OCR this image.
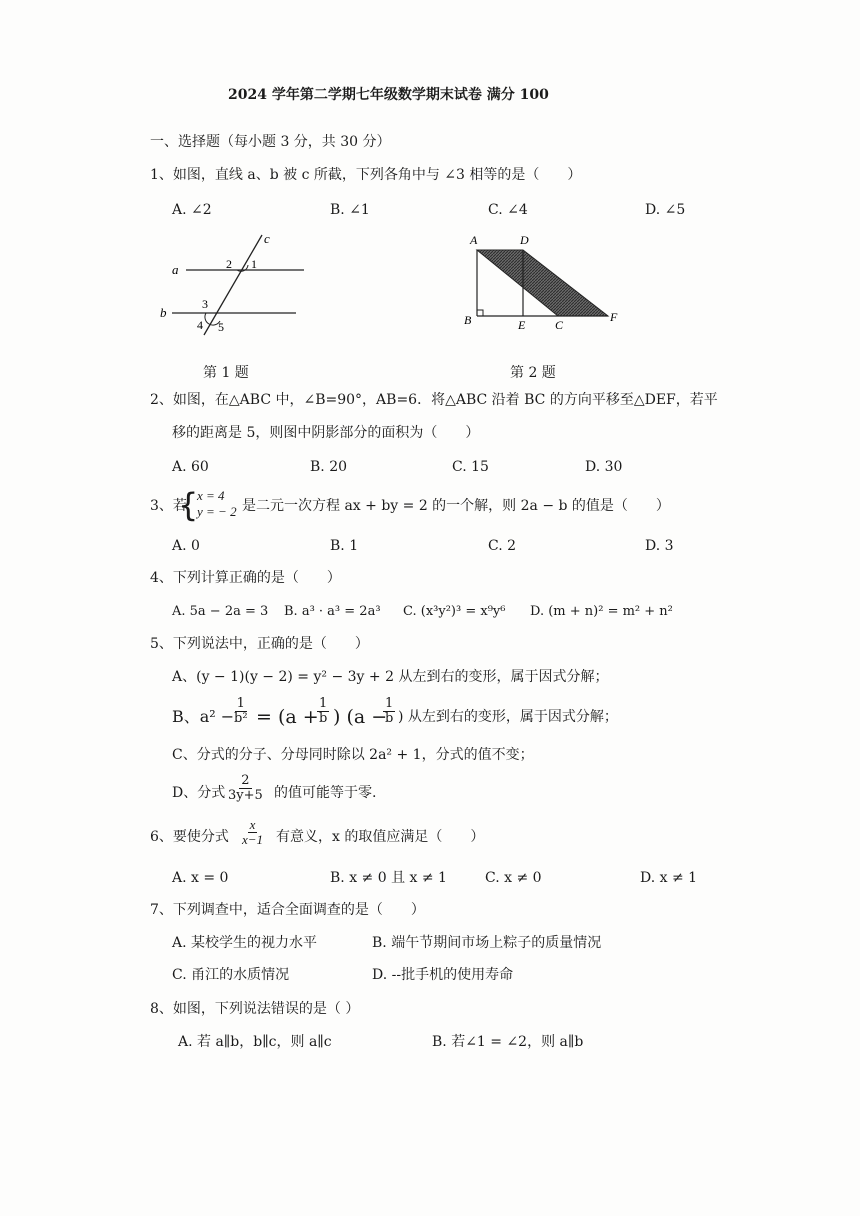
2024 学年第二学期七年级数学期末试卷 满分 100
一、选择题（每小题 3 分，共 30 分）
1、如图，直线 a、b 被 c 所截，下列各角中与 ∠3 相等的是（　　）
A. ∠2	B. ∠1	C. ∠4	D. ∠5
c
a
b
2 1
3
4 5
第 1 题
A	D
B	E C
F
第 2 题
2、如图，在△ABC 中，∠B=90°，AB=6．将△ABC 沿着 BC 的方向平移至△DEF，若平
移的距离是 5，则图中阴影部分的面积为（　　）
A. 60	B. 20	C. 15	D. 30
3、若
{
x = 4
y = − 2 是二元一次方程 ax + by = 2 的一个解，则 2a − b 的值是（　　）
A. 0	B. 1	C. 2	D. 3
4、下列计算正确的是（　　）
A. 5a − 2a = 3 B. a³ · a³ = 2a³ C. (x³y²)³ = x⁹y⁶ D. (m + n)² = m² + n²
5、下列说法中，正确的是（　　）
A、(y − 1)(y − 2) = y² − 3y + 2 从左到右的变形，属于因式分解；
B、$a^2 - \frac{1}{\text{b²}} = (a$ +
$\frac{1}{b}$ ) (a −
$\frac{1}{b}$ ) 从左到右的变形，属于因式分解；
C、分式的分子、分母同时除以 2a² + 1，分式的值不变；
D、分式 $\frac{2}{3y+5}$ 的值可能等于零.
6、要使分式 $\frac{x}{x-1}$ 有意义，x 的取值应满足（　　）
A. x = 0	B. x ≠ 0 且 x ≠ 1	C. x ≠ 0	D. x ≠ 1
7、下列调查中，适合全面调查的是（　　）
A. 某校学生的视力水平	B. 端午节期间市场上粽子的质量情况
C. 甬江的水质情况	D. --批手机的使用寿命
8、如图，下列说法错误的是（ ）
A. 若 a∥b，b∥c，则 a∥c	B. 若∠1 = ∠2，则 a∥b
